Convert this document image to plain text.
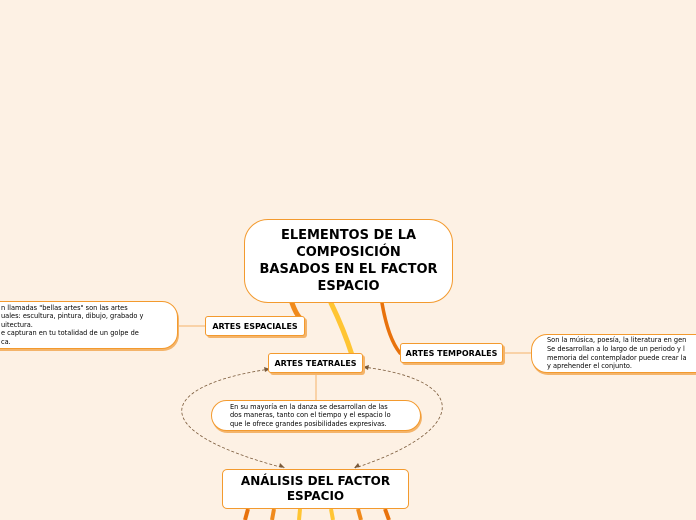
ELEMENTOS DE LA COMPOSICIÓN BASADOS EN EL FACTOR ESPACIO
ARTES ESPACIALES
ARTES TEATRALES
ARTES TEMPORALES
n llamadas "bellas artes" son las artes
uales: escultura, pintura, dibujo, grabado y
uitectura.
e capturan en tu totalidad de un golpe de
ca.
En su mayoría en la danza se desarrollan de las
dos maneras, tanto con el tiempo y el espacio lo
que le ofrece grandes posibilidades expresivas.
Son la música, poesía, la literatura en gen
Se desarrollan a lo largo de un periodo y l
memoria del contemplador puede crear la
y aprehender el conjunto.
ANÁLISIS DEL FACTOR ESPACIO
